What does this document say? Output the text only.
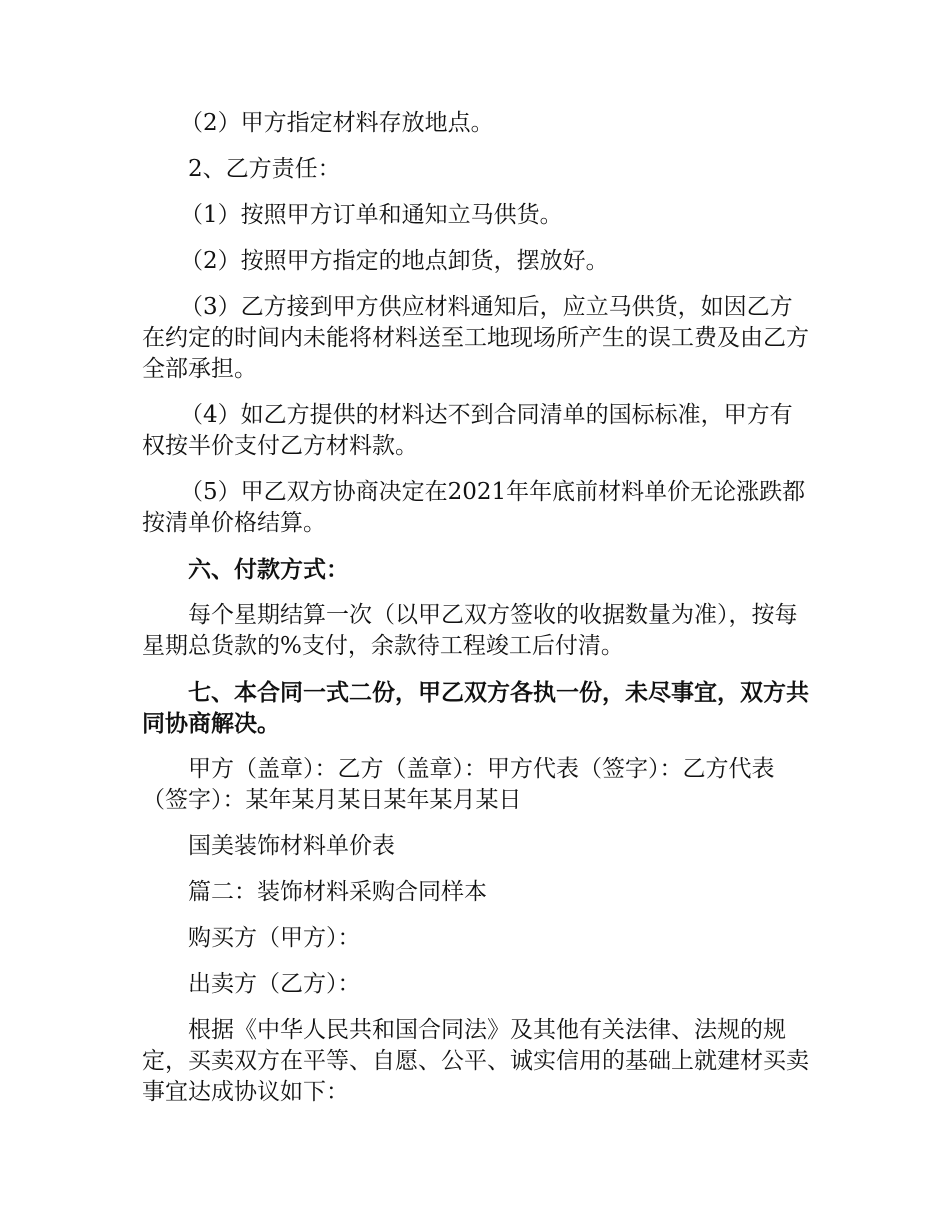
（2）甲方指定材料存放地点。

2、乙方责任：

（1）按照甲方订单和通知立马供货。

（2）按照甲方指定的地点卸货，摆放好。

（3）乙方接到甲方供应材料通知后，应立马供货，如因乙方在约定的时间内未能将材料送至工地现场所产生的误工费及由乙方全部承担。

（4）如乙方提供的材料达不到合同清单的国标标准，甲方有权按半价支付乙方材料款。

（5）甲乙双方协商决定在2021年年底前材料单价无论涨跌都按清单价格结算。

六、付款方式：

每个星期结算一次（以甲乙双方签收的收据数量为准），按每星期总货款的%支付，余款待工程竣工后付清。

七、本合同一式二份，甲乙双方各执一份，未尽事宜，双方共同协商解决。

甲方（盖章）：乙方（盖章）：甲方代表（签字）：乙方代表（签字）：某年某月某日某年某月某日

国美装饰材料单价表

篇二：装饰材料采购合同样本

购买方（甲方）：

出卖方（乙方）：

根据《中华人民共和国合同法》及其他有关法律、法规的规定，买卖双方在平等、自愿、公平、诚实信用的基础上就建材买卖事宜达成协议如下：
